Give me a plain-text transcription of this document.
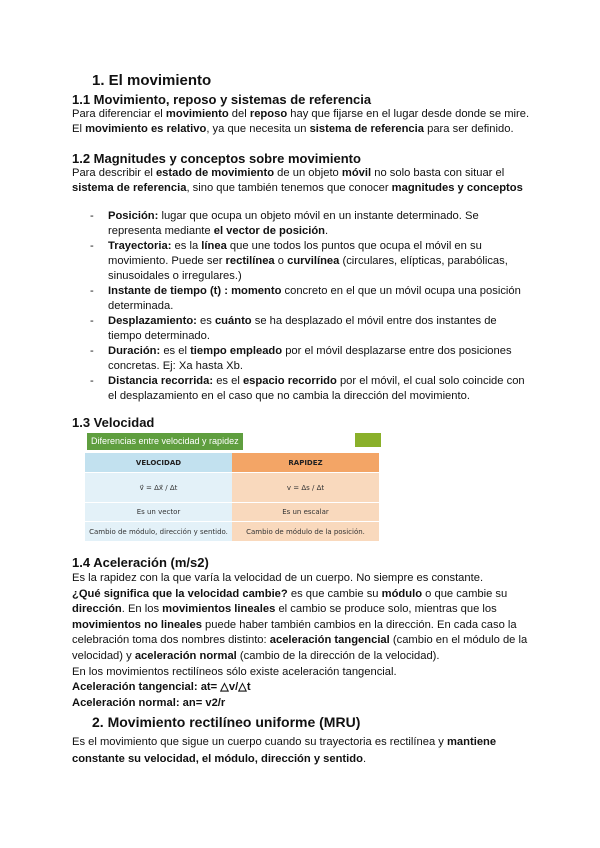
1. El movimiento
1.1 Movimiento, reposo y sistemas de referencia
Para diferenciar el movimiento del reposo hay que fijarse en el lugar desde donde se mire. El movimiento es relativo, ya que necesita un sistema de referencia para ser definido.
1.2 Magnitudes y conceptos sobre movimiento
Para describir el estado de movimiento de un objeto móvil no solo basta con situar el sistema de referencia, sino que también tenemos que conocer magnitudes y conceptos
- Posición: lugar que ocupa un objeto móvil en un instante determinado. Se representa mediante el vector de posición.
- Trayectoria: es la línea que une todos los puntos que ocupa el móvil en su movimiento. Puede ser rectilínea o curvilínea (circulares, elípticas, parabólicas, sinusoidales o irregulares.)
- Instante de tiempo (t) : momento concreto en el que un móvil ocupa una posición determinada.
- Desplazamiento: es cuánto se ha desplazado el móvil entre dos instantes de tiempo determinado.
- Duración: es el tiempo empleado por el móvil desplazarse entre dos posiciones concretas. Ej: Xa hasta Xb.
- Distancia recorrida: es el espacio recorrido por el móvil, el cual solo coincide con el desplazamiento en el caso que no cambia la dirección del movimiento.
1.3 Velocidad
Diferencias entre velocidad y rapidez
VELOCIDAD
v⃗ = Δx⃗ / Δt
Es un vector
Cambio de módulo, dirección y sentido.
RAPIDEZ
v = Δs / Δt
Es un escalar
Cambio de módulo de la posición.
1.4 Aceleración (m/s2)
Es la rapidez con la que varía la velocidad de un cuerpo. No siempre es constante.
¿Qué significa que la velocidad cambie? es que cambie su módulo o que cambie su dirección. En los movimientos lineales el cambio se produce solo, mientras que los movimientos no lineales puede haber también cambios en la dirección. En cada caso la celebración toma dos nombres distinto: aceleración tangencial (cambio en el módulo de la velocidad) y aceleración normal (cambio de la dirección de la velocidad).
En los movimientos rectilíneos sólo existe aceleración tangencial.
Aceleración tangencial: at= △v/△t
Aceleración normal: an= v2/r
2. Movimiento rectilíneo uniforme (MRU)
Es el movimiento que sigue un cuerpo cuando su trayectoria es rectilínea y mantiene constante su velocidad, el módulo, dirección y sentido.
